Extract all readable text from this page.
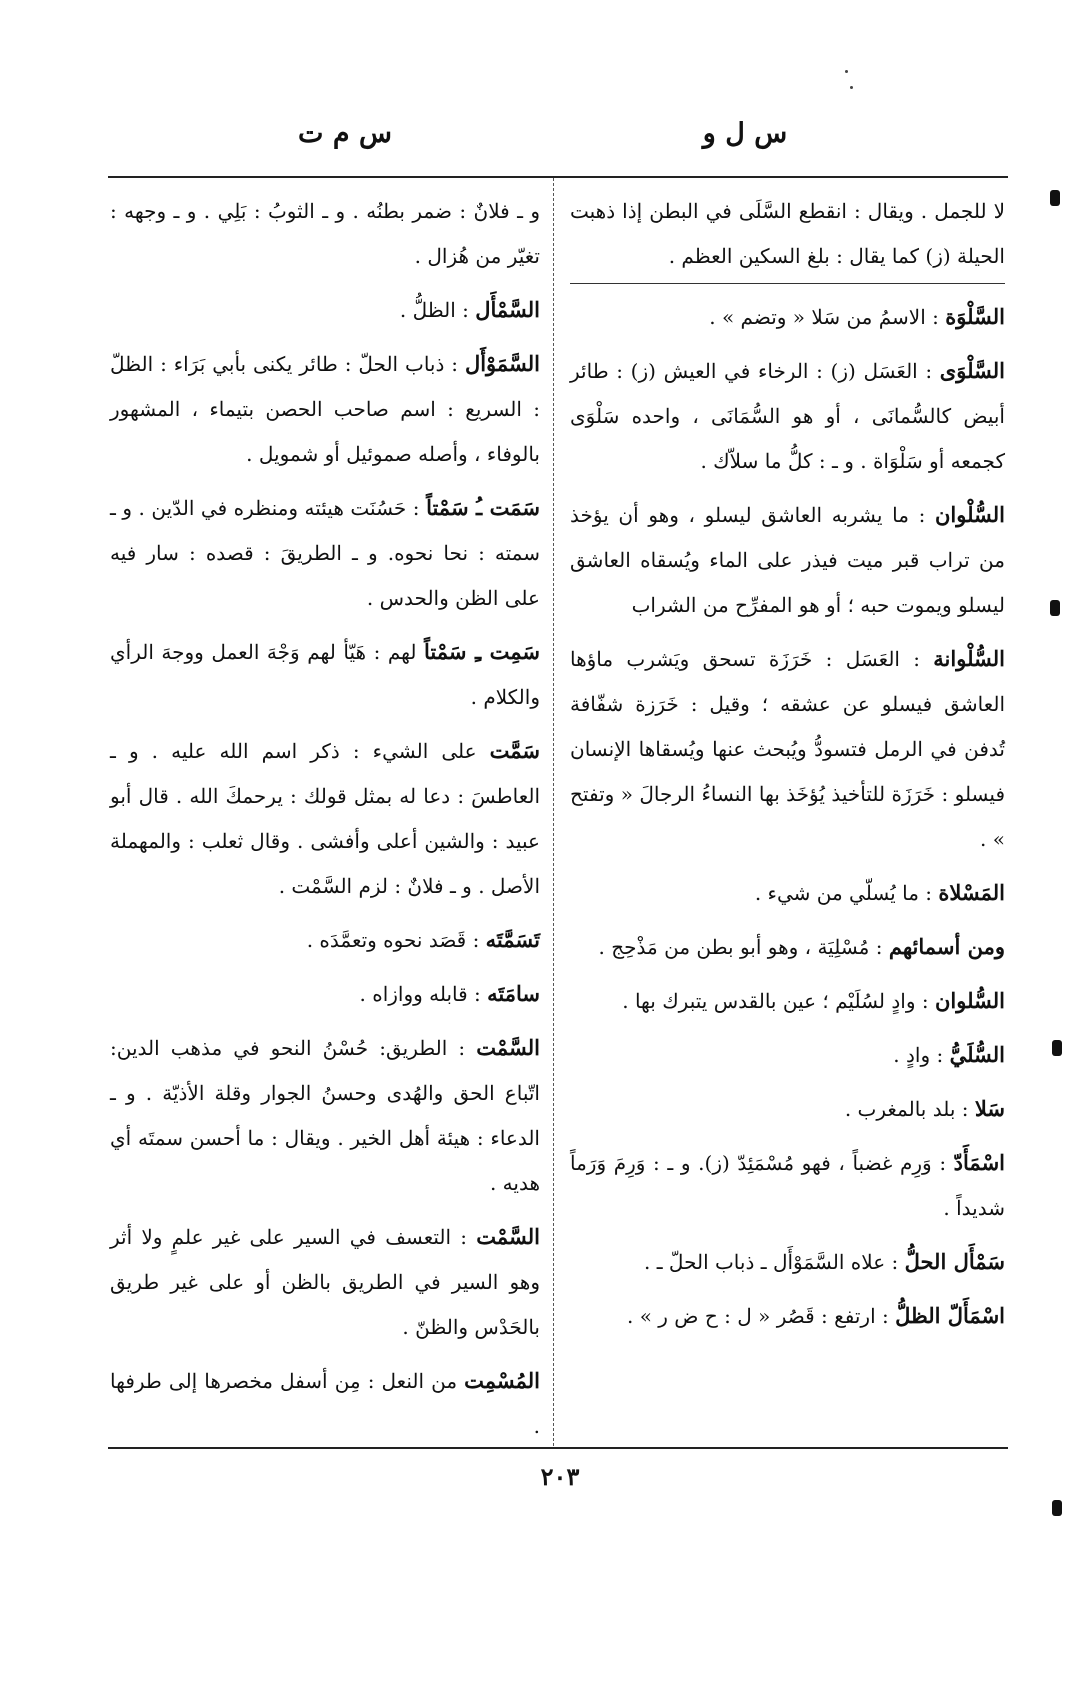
س ل و
س م ت
لا للجمل . ويقال : انقطع السَّلَى في البطن إذا ذهبت الحيلة (ز) كما يقال : بلغ السكين العظم .
السَّلْوَة : الاسمُ من سَلا « وتضم » .
السَّلْوَى : العَسَل (ز) : الرخاء في العيش (ز) : طائر أبيض كالسُّمانَى ، أو هو السُّمَانَى ، واحده سَلْوَى كجمعه أو سَلْوَاة . و ـ : كلُّ ما سلاّك .
السُّلْوان : ما يشربه العاشق ليسلو ، وهو أن يؤخذ من تراب قبر ميت فيذر على الماء ويُسقاه العاشق ليسلو ويموت حبه ؛ أو هو المفرِّح من الشراب
السُّلْوانة : العَسَل : خَرَزَة تسحق ويَشرب ماؤها العاشق فيسلو عن عشقه ؛ وقيل : خَرَزة شفّافة تُدفن في الرمل فتسودُّ ويُبحث عنها ويُسقاها الإنسان فيسلو : خَرَزَة للتأخيذ يُؤخَذ بها النساءُ الرجالَ « وتفتح » .
المَسْلاة : ما يُسلّي من شيء .
ومن أسمائهم : مُسْلِيَة ، وهو أبو بطن من مَذْحِج .
السُّلوان : وادٍ لسُلَيْم ؛ عين بالقدس يتبرك بها .
السُّلَيُّ : وادٍ .
سَلا : بلد بالمغرب .
اسْمَأَدّ : وَرِم غضباً ، فهو مُسْمَئِدّ (ز). و ـ : وَرِمَ وَرَماً شديداً .
سَمْأَل الحلُّ : علاه السَّمَوْأَل ـ ذباب الحلّ ـ .
اسْمَأَلّ الظلُّ : ارتفع : قَصُر « ل : ح ض ر » .
و ـ فلانٌ : ضمر بطنُه . و ـ الثوبُ : بَلِي . و ـ وجهه : تغيّر من هُزال .
السَّمْأَل : الظلُّ .
السَّمَوْأَل : ذباب الحلّ : طائر يكنى بأبي بَرَاء : الظلّ : السريع : اسم صاحب الحصن بتيماء ، المشهور بالوفاء ، وأصله صموئيل أو شمويل .
سَمَت ـُ سَمْتاً : حَسُنَت هيئته ومنظره في الدّين . و ـ سمته : نحا نحوه. و ـ الطريقَ : قصده : سار فيه على الظن والحدس .
سَمِت ـِ سَمْتاً لهم : هَيّأ لهم وَجْهَ العمل ووجهَ الرأي والكلام .
سَمَّت على الشيء : ذكر اسم الله عليه . و ـ العاطسَ : دعا له بمثل قولك : يرحمكَ الله . قال أبو عبيد : والشين أعلى وأفشى . وقال ثعلب : والمهملة الأصل . و ـ فلانٌ : لزم السَّمْت .
تَسَمَّتَه : قَصَد نحوه وتعمَّدَه .
سامَتَه : قابله ووازاه .
السَّمْت : الطريق: حُسْنُ النحو في مذهب الدين: اتّباع الحق والهُدى وحسنُ الجوار وقلة الأذيّة . و ـ الدعاء : هيئة أهل الخير . ويقال : ما أحسن سمتَه أي هديه .
السَّمْت : التعسف في السير على غير علمٍ ولا أثر وهو السير في الطريق بالظن أو على غير طريق بالحَدْس والظنّ .
المُسْمِت من النعل : مِن أسفل مخصرها إلى طرفها .
٢٠٣
